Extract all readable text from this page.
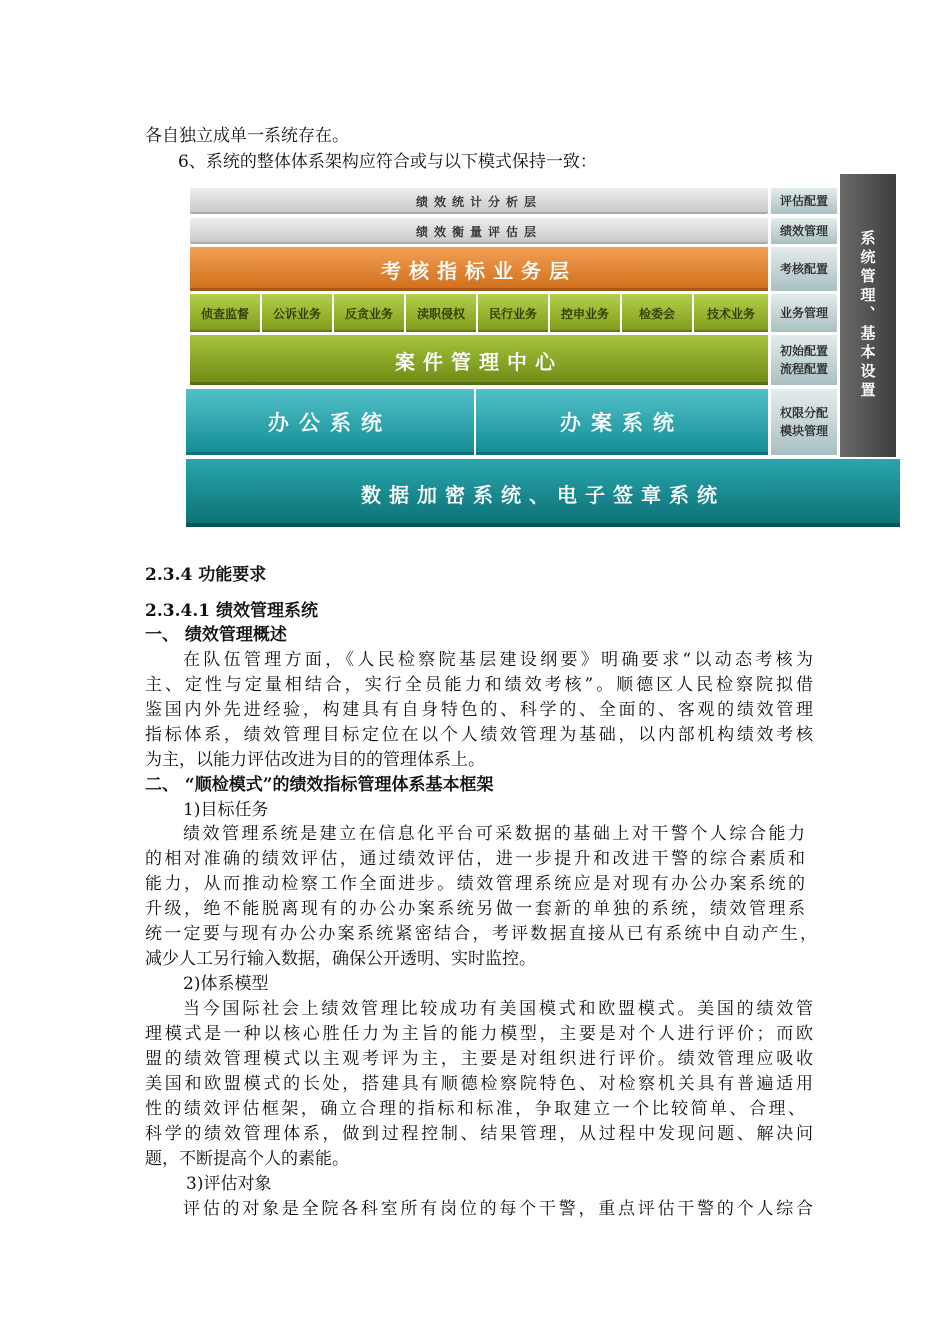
各自独立成单一系统存在。
6、系统的整体体系架构应符合或与以下模式保持一致：
绩效统计分析层
绩效衡量评估层
考核指标业务层
侦查监督	公诉业务	反贪业务	渎职侵权	民行业务	控申业务	检委会	技术业务
案件管理中心
办公系统	办案系统
评估配置
绩效管理
考核配置
业务管理
初始配置
流程配置
权限分配
模块管理
系统管理、基本设置
数据加密系统、电子签章系统
2.3.4 功能要求
2.3.4.1 绩效管理系统
一、 绩效管理概述
在队伍管理方面，《人民检察院基层建设纲要》明确要求“以动态考核为
主、定性与定量相结合，实行全员能力和绩效考核”。顺德区人民检察院拟借
鉴国内外先进经验，构建具有自身特色的、科学的、全面的、客观的绩效管理
指标体系，绩效管理目标定位在以个人绩效管理为基础，以内部机构绩效考核
为主，以能力评估改进为目的的管理体系上。
二、 “顺检模式”的绩效指标管理体系基本框架
1)目标任务
绩效管理系统是建立在信息化平台可采数据的基础上对干警个人综合能力
的相对准确的绩效评估，通过绩效评估，进一步提升和改进干警的综合素质和
能力，从而推动检察工作全面进步。绩效管理系统应是对现有办公办案系统的
升级，绝不能脱离现有的办公办案系统另做一套新的单独的系统，绩效管理系
统一定要与现有办公办案系统紧密结合，考评数据直接从已有系统中自动产生，
减少人工另行输入数据，确保公开透明、实时监控。
2)体系模型
当今国际社会上绩效管理比较成功有美国模式和欧盟模式。美国的绩效管
理模式是一种以核心胜任力为主旨的能力模型，主要是对个人进行评价；而欧
盟的绩效管理模式以主观考评为主，主要是对组织进行评价。绩效管理应吸收
美国和欧盟模式的长处，搭建具有顺德检察院特色、对检察机关具有普遍适用
性的绩效评估框架，确立合理的指标和标准，争取建立一个比较简单、合理、
科学的绩效管理体系，做到过程控制、结果管理，从过程中发现问题、解决问
题，不断提高个人的素能。
3)评估对象
评估的对象是全院各科室所有岗位的每个干警，重点评估干警的个人综合
